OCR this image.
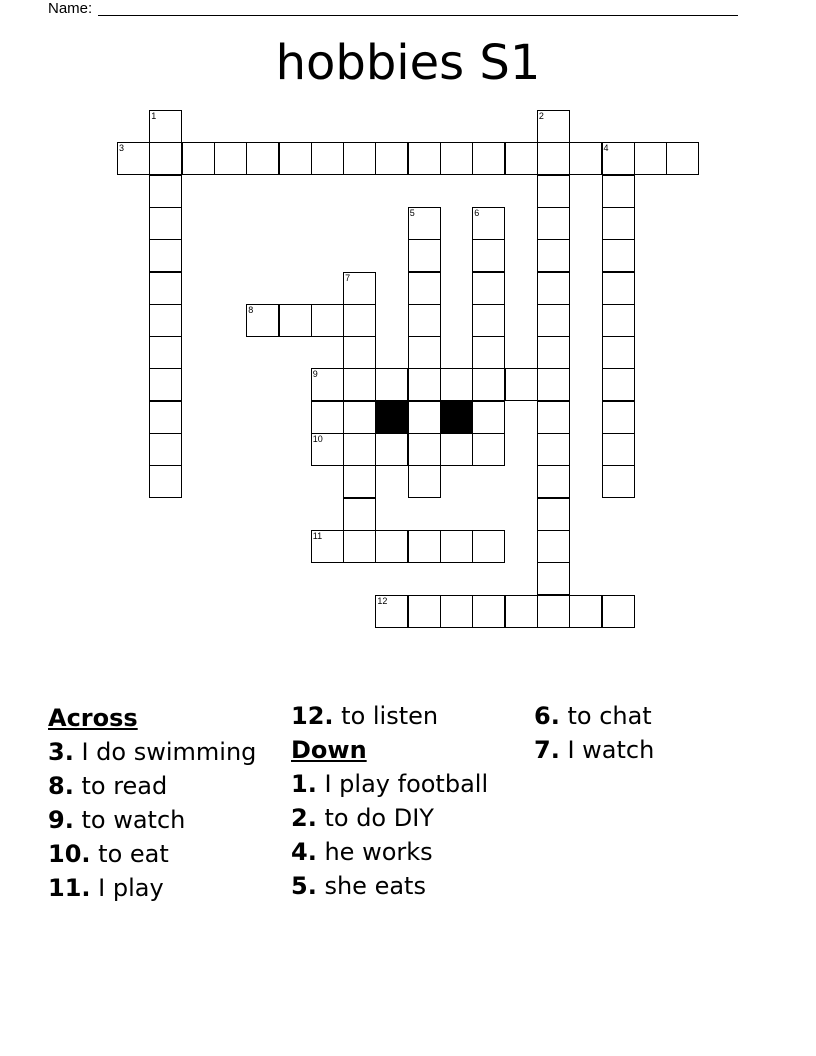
Name:
hobbies S1
3	4
8
9
10
11
12
1	2
5	6
7
Across
3. I do swimming
8. to read
9. to watch
10. to eat
11. I play
12. to listen
Down
1. I play football
2. to do DIY
4. he works
5. she eats
6. to chat
7. I watch
